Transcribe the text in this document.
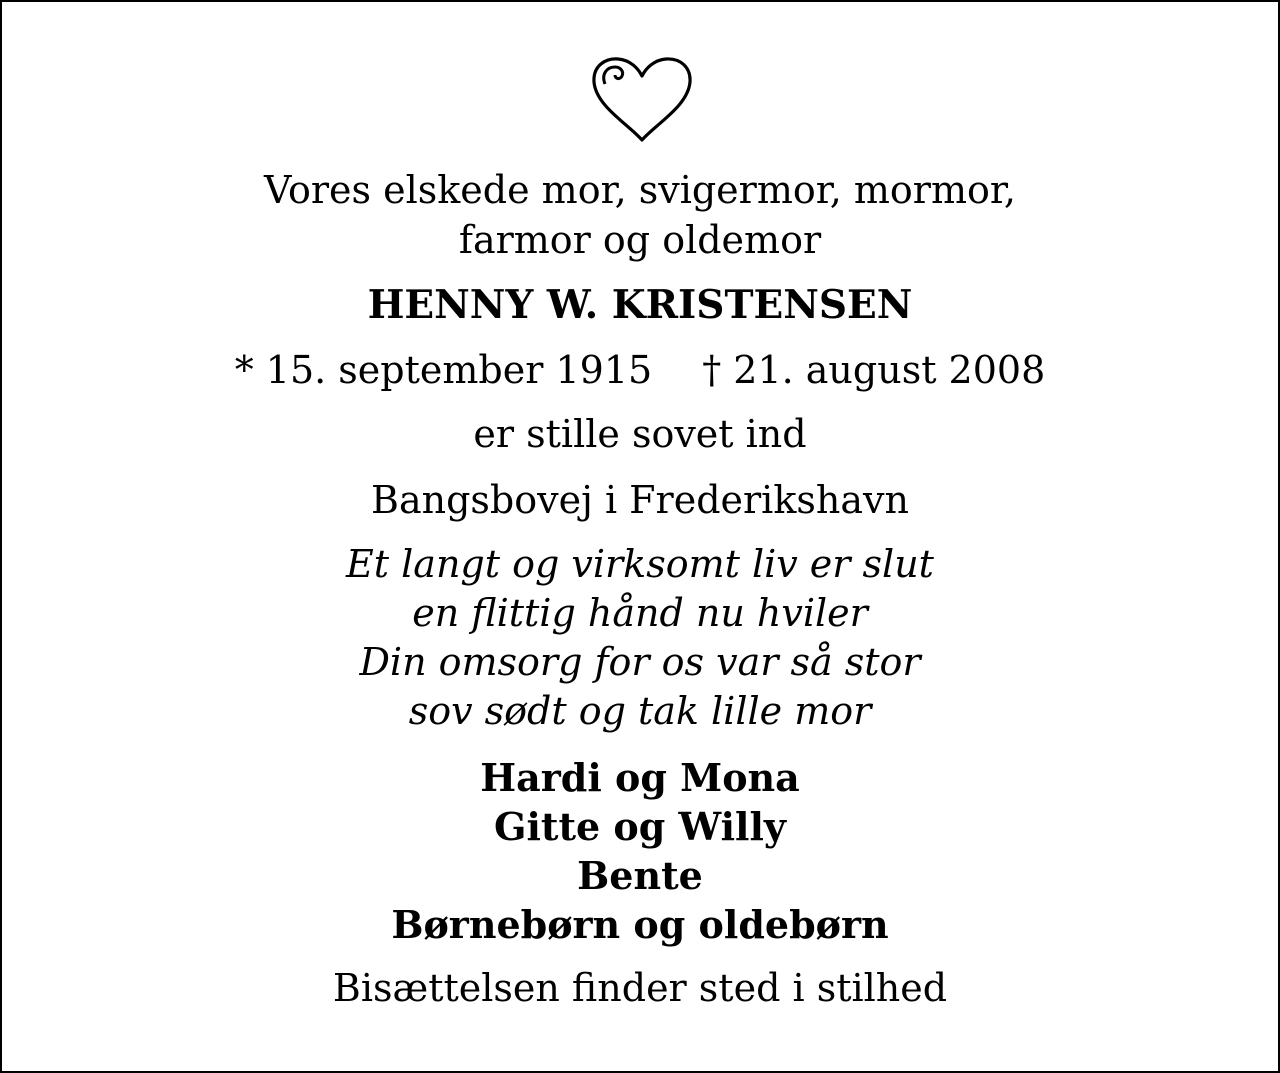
Vores elskede mor, svigermor, mormor,
farmor og oldemor
HENNY W. KRISTENSEN
* 15. september 1915 † 21. august 2008
er stille sovet ind
Bangsbovej i Frederikshavn
Et langt og virksomt liv er slut
en flittig hånd nu hviler
Din omsorg for os var så stor
sov sødt og tak lille mor
Hardi og Mona
Gitte og Willy
Bente
Børnebørn og oldebørn
Bisættelsen finder sted i stilhed
